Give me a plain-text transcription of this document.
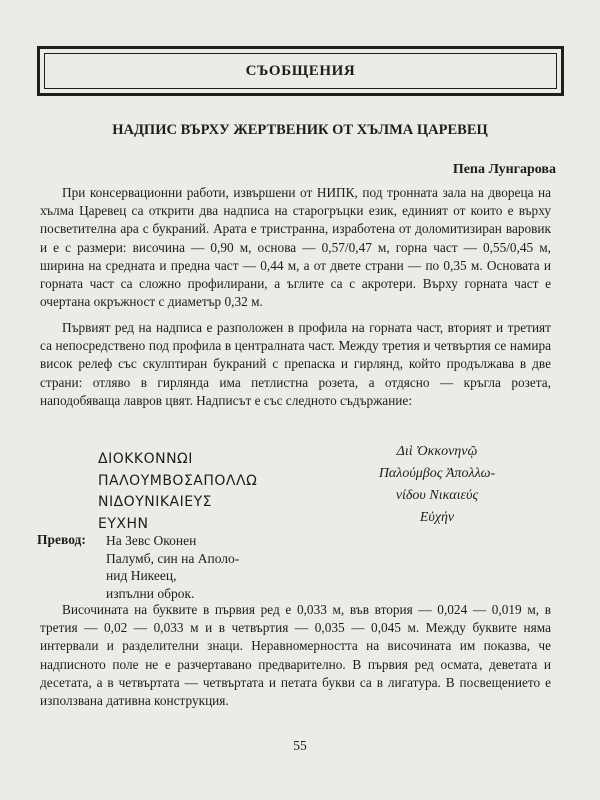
СЪОБЩЕНИЯ
НАДПИС ВЪРХУ ЖЕРТВЕНИК ОТ ХЪЛМА ЦАРЕВЕЦ
Пепа Лунгарова

При консервационни работи, извършени от НИПК, под тронната зала на дворецa на хълма Царевец са открити два надписа на старогръцки език, единият от които е върху посветителна ара с букраний. Арата е тристранна, изработена от доломитизиран варовик и е с размери: височина — 0,90 м, основа — 0,57/0,47 м, горна част — 0,55/0,45 м, ширина на средната и предна част — 0,44 м, а от двете страни — по 0,35 м. Основата и горната част са сложно профилирани, а ъглите са с акротери. Върху горната част е очертана окръжност с диаметър 0,32 м.

Първият ред на надписа е разположен в профила на горната част, вторият и третият са непосредствено под профила в централната част. Между третия и четвъртия се намира висок релеф със скулптиран букраний с препаска и гирлянд, който продължава в две страни: отляво в гирлянда има петлистна розета, а отдясно — кръгла розета, наподобяваща лавров цвят. Надписът е със следното съдържание:

ΔΙΟΚΚΟΝΝΩΙ
ΠΑΛΟΥΜΒΟΣΑΠΟΛΛΩ
ΝΙΔΟΥΝΙΚΑΙΕΥΣ
ΕΥΧΗΝ
Διὶ Ὀκκονηνῷ
Παλούμβος Ἀπολλω-
νίδου Νικαιεύς
Εὐχήν
Превод: На Зевс Оконен
Палумб, син на Аполо-
нид Никеец,
изпълни оброк.

Височината на буквите в първия ред е 0,033 м, във втория — 0,024 — 0,019 м, в третия — 0,02 — 0,033 м и в четвъртия — 0,035 — 0,045 м. Между буквите няма интервали и разделителни знаци. Неравномерността на височината им показва, че надписното поле не е разчертавано предварително. В първия ред осмата, деветата и десетата, а в четвъртата — четвъртата и петата букви са в лигатура. В посвещението е използвана дативна конструкция.

55
